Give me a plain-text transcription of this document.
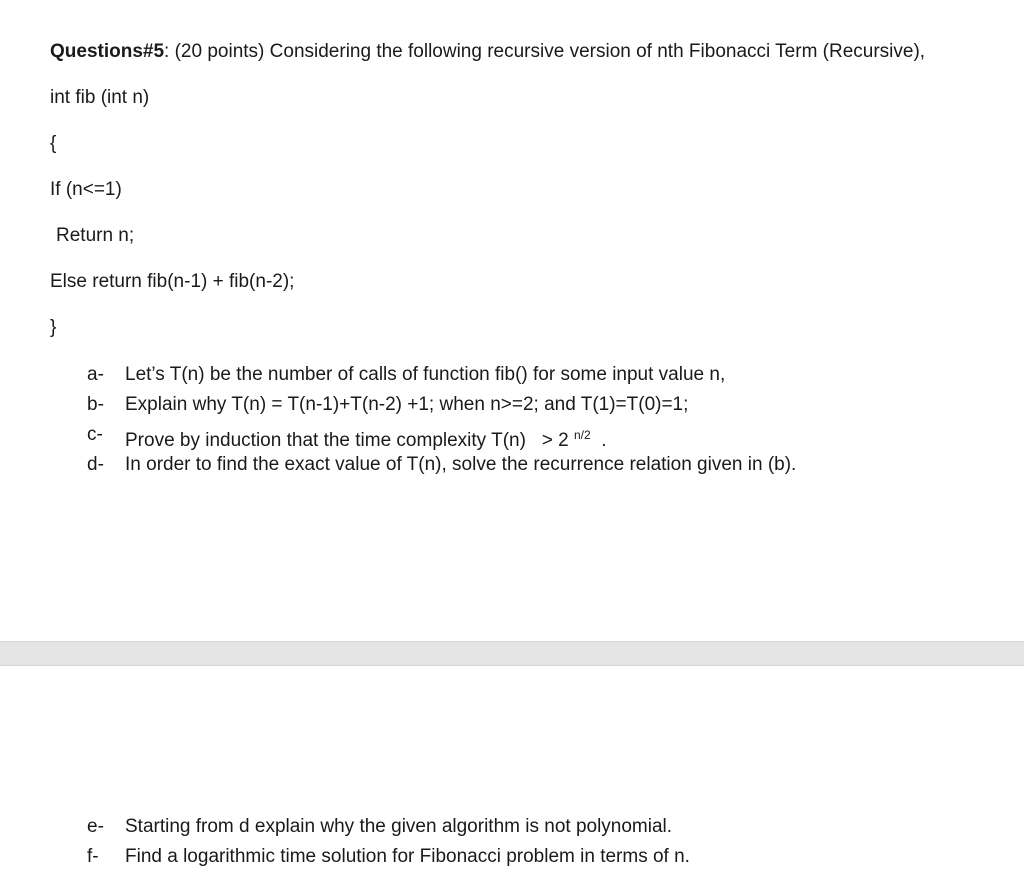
Questions#5: (20 points) Considering the following recursive version of nth Fibonacci Term (Recursive),
int fib (int n)
{
If (n<=1)
Return n;
Else return fib(n-1) + fib(n-2);
}
a-	Let’s T(n) be the number of calls of function fib() for some input value n,
b-	Explain why T(n) = T(n-1)+T(n-2) +1; when n>=2; and T(1)=T(0)=1;
c-	Prove by induction that the time complexity T(n)   > 2 $^{n/2}$  .
d-	In order to find the exact value of T(n), solve the recurrence relation given in (b).
e-	Starting from d explain why the given algorithm is not polynomial.
f-	Find a logarithmic time solution for Fibonacci problem in terms of n.
